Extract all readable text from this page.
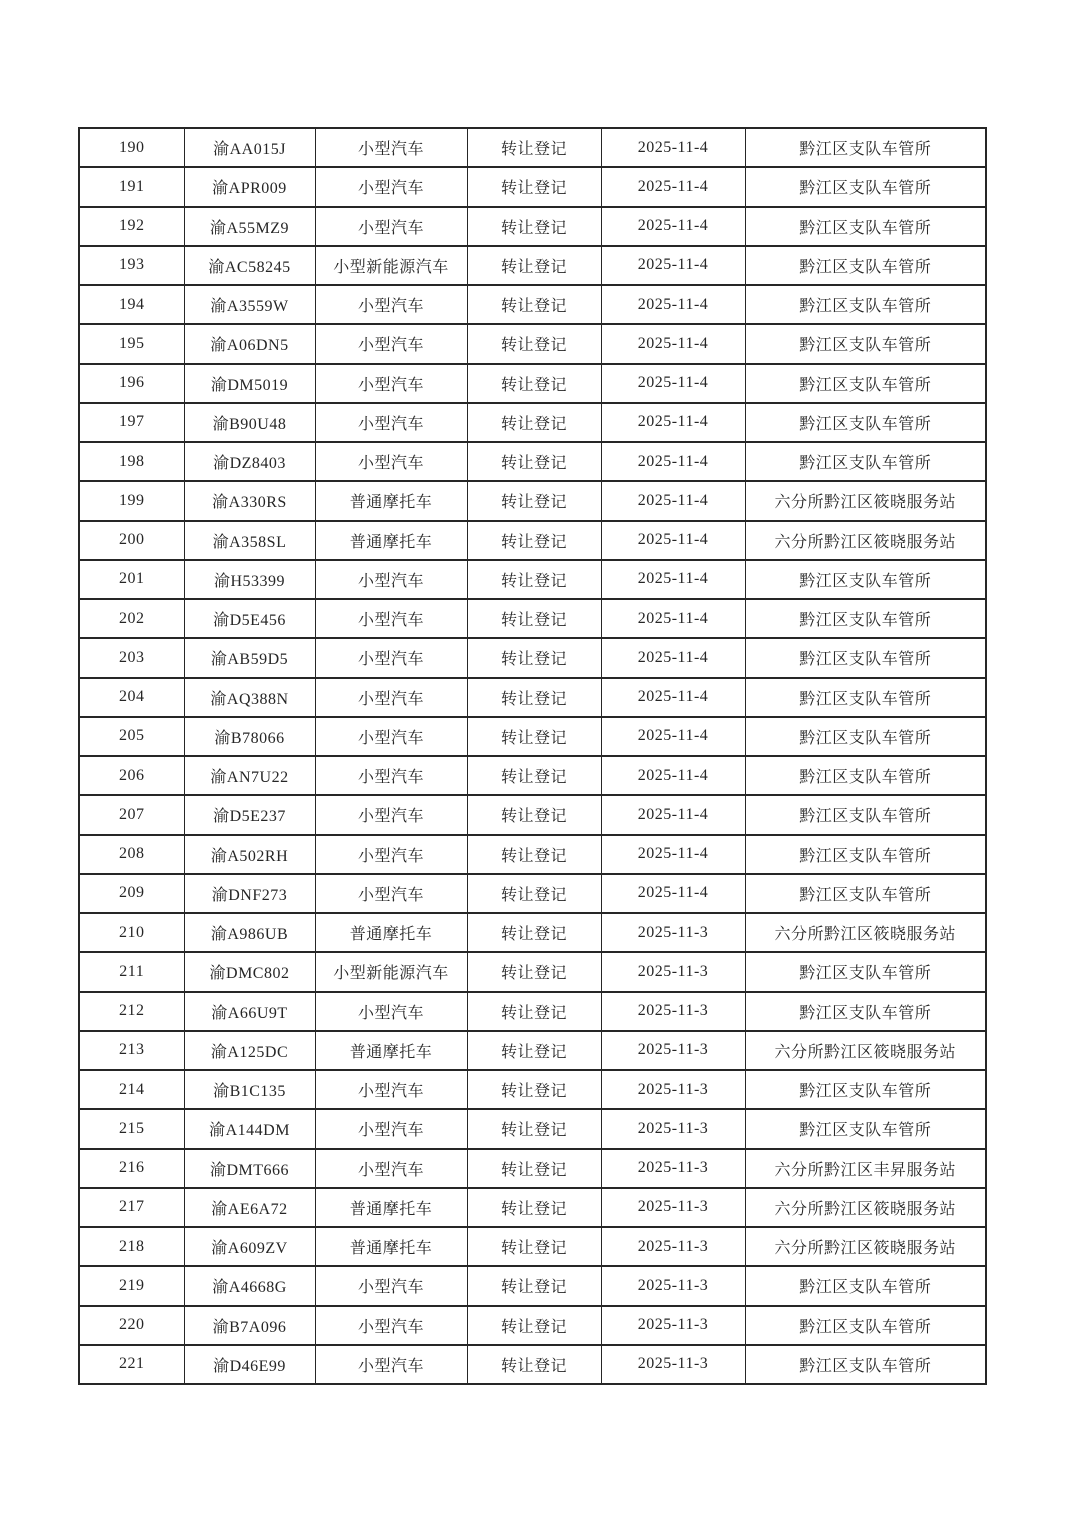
190	渝AA015J	小型汽车	转让登记	2025-11-4	黔江区支队车管所
191	渝APR009	小型汽车	转让登记	2025-11-4	黔江区支队车管所
192	渝A55MZ9	小型汽车	转让登记	2025-11-4	黔江区支队车管所
193	渝AC58245	小型新能源汽车	转让登记	2025-11-4	黔江区支队车管所
194	渝A3559W	小型汽车	转让登记	2025-11-4	黔江区支队车管所
195	渝A06DN5	小型汽车	转让登记	2025-11-4	黔江区支队车管所
196	渝DM5019	小型汽车	转让登记	2025-11-4	黔江区支队车管所
197	渝B90U48	小型汽车	转让登记	2025-11-4	黔江区支队车管所
198	渝DZ8403	小型汽车	转让登记	2025-11-4	黔江区支队车管所
199	渝A330RS	普通摩托车	转让登记	2025-11-4	六分所黔江区筱晓服务站
200	渝A358SL	普通摩托车	转让登记	2025-11-4	六分所黔江区筱晓服务站
201	渝H53399	小型汽车	转让登记	2025-11-4	黔江区支队车管所
202	渝D5E456	小型汽车	转让登记	2025-11-4	黔江区支队车管所
203	渝AB59D5	小型汽车	转让登记	2025-11-4	黔江区支队车管所
204	渝AQ388N	小型汽车	转让登记	2025-11-4	黔江区支队车管所
205	渝B78066	小型汽车	转让登记	2025-11-4	黔江区支队车管所
206	渝AN7U22	小型汽车	转让登记	2025-11-4	黔江区支队车管所
207	渝D5E237	小型汽车	转让登记	2025-11-4	黔江区支队车管所
208	渝A502RH	小型汽车	转让登记	2025-11-4	黔江区支队车管所
209	渝DNF273	小型汽车	转让登记	2025-11-4	黔江区支队车管所
210	渝A986UB	普通摩托车	转让登记	2025-11-3	六分所黔江区筱晓服务站
211	渝DMC802	小型新能源汽车	转让登记	2025-11-3	黔江区支队车管所
212	渝A66U9T	小型汽车	转让登记	2025-11-3	黔江区支队车管所
213	渝A125DC	普通摩托车	转让登记	2025-11-3	六分所黔江区筱晓服务站
214	渝B1C135	小型汽车	转让登记	2025-11-3	黔江区支队车管所
215	渝A144DM	小型汽车	转让登记	2025-11-3	黔江区支队车管所
216	渝DMT666	小型汽车	转让登记	2025-11-3	六分所黔江区丰昇服务站
217	渝AE6A72	普通摩托车	转让登记	2025-11-3	六分所黔江区筱晓服务站
218	渝A609ZV	普通摩托车	转让登记	2025-11-3	六分所黔江区筱晓服务站
219	渝A4668G	小型汽车	转让登记	2025-11-3	黔江区支队车管所
220	渝B7A096	小型汽车	转让登记	2025-11-3	黔江区支队车管所
221	渝D46E99	小型汽车	转让登记	2025-11-3	黔江区支队车管所
